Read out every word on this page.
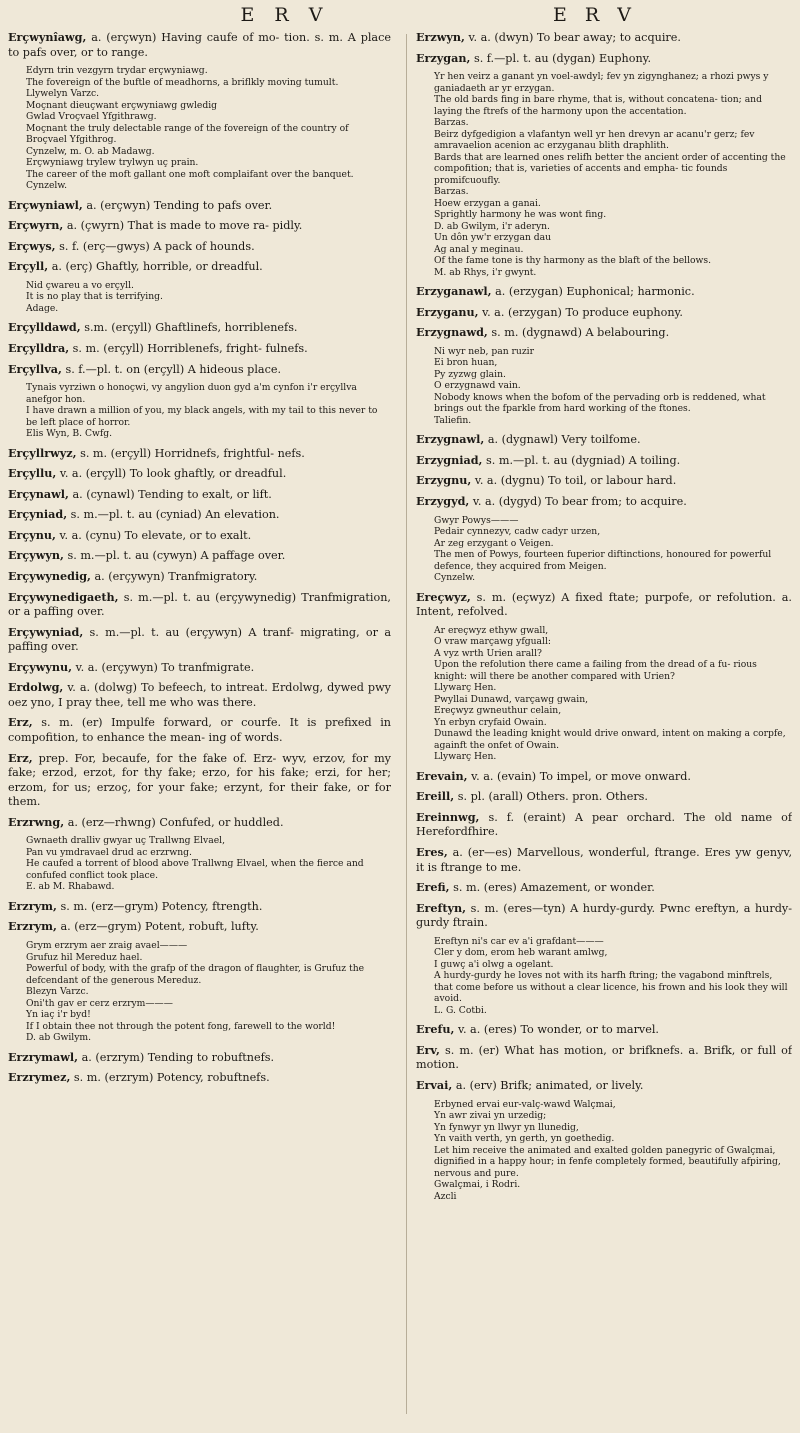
E R V	E R V

Erçwynîawg, a. (erçwyn) Having caufe of mo- tion. s. m. A place to pafs over, or to range.

Edyrn trin vezgyrn trydar erçwyniawg.
The fovereign of the buftle of meadhorns, a briflkly moving tumult.
Llywelyn Varzc.
Moçnant dieuçwant erçwyniawg gwledig
Gwlad Vroçvael Yfgithrawg.
Moçnant the truly delectable range of the fovereign of the country of Broçvael Yfgithrog.
Cynzelw, m. O. ab Madawg.
Erçwyniawg trylew trylwyn uç prain.
The career of the moft gallant one moft complaifant over the banquet.
Cynzelw.

Erçwyniawl, a. (erçwyn) Tending to pafs over.

Erçwyrn, a. (çwyrn) That is made to move ra- pidly.

Erçwys, s. f. (erç—gwys) A pack of hounds.

Erçyll, a. (erç) Ghaftly, horrible, or dreadful.

Nid çwareu a vo erçyll.
It is no play that is terrifying.
Adage.

Erçylldawd, s.m. (erçyll) Ghaftlinefs, horriblenefs.

Erçylldra, s. m. (erçyll) Horriblenefs, fright- fulnefs.

Erçyllva, s. f.—pl. t. on (erçyll) A hideous place.

Tynais vyrziwn o honoçwi, vy angylion duon gyd a'm cynfon i'r erçyllva anefgor hon.
I have drawn a million of you, my black angels, with my tail to this never to be left place of horror.
Elis Wyn, B. Cwfg.

Erçyllrwyz, s. m. (erçyll) Horridnefs, frightful- nefs.

Erçyllu, v. a. (erçyll) To look ghaftly, or dreadful.

Erçynawl, a. (cynawl) Tending to exalt, or lift.

Erçyniad, s. m.—pl. t. au (cyniad) An elevation.

Erçynu, v. a. (cynu) To elevate, or to exalt.

Erçywyn, s. m.—pl. t. au (cywyn) A paffage over.

Erçywynedig, a. (erçywyn) Tranfmigratory.

Erçywynedigaeth, s. m.—pl. t. au (erçywynedig) Tranfmigration, or a paffing over.

Erçywyniad, s. m.—pl. t. au (erçywyn) A tranf- migrating, or a paffing over.

Erçywynu, v. a. (erçywyn) To tranfmigrate.

Erdolwg, v. a. (dolwg) To befeech, to intreat. Erdolwg, dywed pwy oez yno, I pray thee, tell me who was there.

Erz, s. m. (er) Impulfe forward, or courfe. It is prefixed in compofition, to enhance the mean- ing of words.

Erz, prep. For, becaufe, for the fake of. Erz- wyv, erzov, for my fake; erzod, erzot, for thy fake; erzo, for his fake; erzi, for her; erzom, for us; erzoç, for your fake; erzynt, for their fake, or for them.

Erzrwng, a. (erz—rhwng) Confufed, or huddled.

Gwnaeth dralliv gwyar uç Trallwng Elvael,
Pan vu ymdravael drud ac erzrwng.
He caufed a torrent of blood above Trallwng Elvael, when the fierce and confufed conflict took place.
E. ab M. Rhabawd.

Erzrym, s. m. (erz—grym) Potency, ftrength.

Erzrym, a. (erz—grym) Potent, robuft, lufty.

Grym erzrym aer zraig avael———
Grufuz hil Mereduz hael.
Powerful of body, with the grafp of the dragon of flaughter, is Grufuz the defcendant of the generous Mereduz.
Blezyn Varzc.
Oni'th gav er cerz erzrym———
Yn iaç i'r byd!
If I obtain thee not through the potent fong, farewell to the world!
D. ab Gwilym.

Erzrymawl, a. (erzrym) Tending to robuftnefs.

Erzrymez, s. m. (erzrym) Potency, robuftnefs.

Erzwyn, v. a. (dwyn) To bear away; to acquire.

Erzygan, s. f.—pl. t. au (dygan) Euphony.

Yr hen veirz a ganant yn voel-awdyl; fev yn zigynghanez; a rhozi pwys y ganiadaeth ar yr erzygan.
The old bards fing in bare rhyme, that is, without concatena- tion; and laying the ftrefs of the harmony upon the accentation.
Barzas.
Beirz dyfgedigion a vlafantyn well yr hen drevyn ar acanu'r gerz; fev amravaelion acenion ac erzyganau blith draphlith.
Bards that are learned ones relifh better the ancient order of accenting the compofition; that is, varieties of accents and empha- tic founds promifcuoufly.
Barzas.
Hoew erzygan a ganai.
Sprightly harmony he was wont fing.
D. ab Gwilym, i'r aderyn.
Un dôn yw'r erzygan dau
Ag anal y meginau.
Of the fame tone is thy harmony as the blaft of the bellows.
M. ab Rhys, i'r gwynt.

Erzyganawl, a. (erzygan) Euphonical; harmonic.

Erzyganu, v. a. (erzygan) To produce euphony.

Erzygnawd, s. m. (dygnawd) A belabouring.

Ni wyr neb, pan ruzir
Ei bron huan,
Py zyzwg glain.
O erzygnawd vain.
Nobody knows when the bofom of the pervading orb is reddened, what brings out the fparkle from hard working of the ftones.
Taliefin.

Erzygnawl, a. (dygnawl) Very toilfome.

Erzygniad, s. m.—pl. t. au (dygniad) A toiling.

Erzygnu, v. a. (dygnu) To toil, or labour hard.

Erzygyd, v. a. (dygyd) To bear from; to acquire.

Gwyr Powys———
Pedair cynnezyv, cadw cadyr urzen,
Ar zeg erzygant o Veigen.
The men of Powys, fourteen fuperior diftinctions, honoured for powerful defence, they acquired from Meigen.
Cynzelw.

Ereçwyz, s. m. (eçwyz) A fixed ftate; purpofe, or refolution. a. Intent, refolved.

Ar ereçwyz ethyw gwall,
O vraw marçawg yfguall:
A vyz wrth Urien arall?
Upon the refolution there came a failing from the dread of a fu- rious knight: will there be another compared with Urien?
Llywarç Hen.
Pwyllai Dunawd, varçawg gwain,
Ereçwyz gwneuthur celain,
Yn erbyn cryfaid Owain.
Dunawd the leading knight would drive onward, intent on making a corpfe, againft the onfet of Owain.
Llywarç Hen.

Erevain, v. a. (evain) To impel, or move onward.

Ereill, s. pl. (arall) Others. pron. Others.

Ereinnwg, s. f. (eraint) A pear orchard. The old name of Herefordfhire.

Eres, a. (er—es) Marvellous, wonderful, ftrange. Eres yw genyv, it is ftrange to me.

Erefi, s. m. (eres) Amazement, or wonder.

Ereftyn, s. m. (eres—tyn) A hurdy-gurdy. Pwnc ereftyn, a hurdy-gurdy ftrain.

Ereftyn ni's car ev a'i grafdant———
Cler y dom, erom heb warant amlwg,
I guwç a'i olwg a ogelant.
A hurdy-gurdy he loves not with its harfh ftring; the vagabond minftrels, that come before us without a clear licence, his frown and his look they will avoid.
L. G. Cotbi.

Erefu, v. a. (eres) To wonder, or to marvel.

Erv, s. m. (er) What has motion, or brifknefs. a. Brifk, or full of motion.

Ervai, a. (erv) Brifk; animated, or lively.

Erbyned ervai eur-valç-wawd Walçmai,
Yn awr zivai yn urzedig;
Yn fynwyr yn llwyr yn llunedig,
Yn vaith verth, yn gerth, yn goethedig.
Let him receive the animated and exalted golden panegyric of Gwalçmai, dignified in a happy hour; in fenfe completely formed, beautifully afpiring, nervous and pure.
Gwalçmai, i Rodri.
Azcli
